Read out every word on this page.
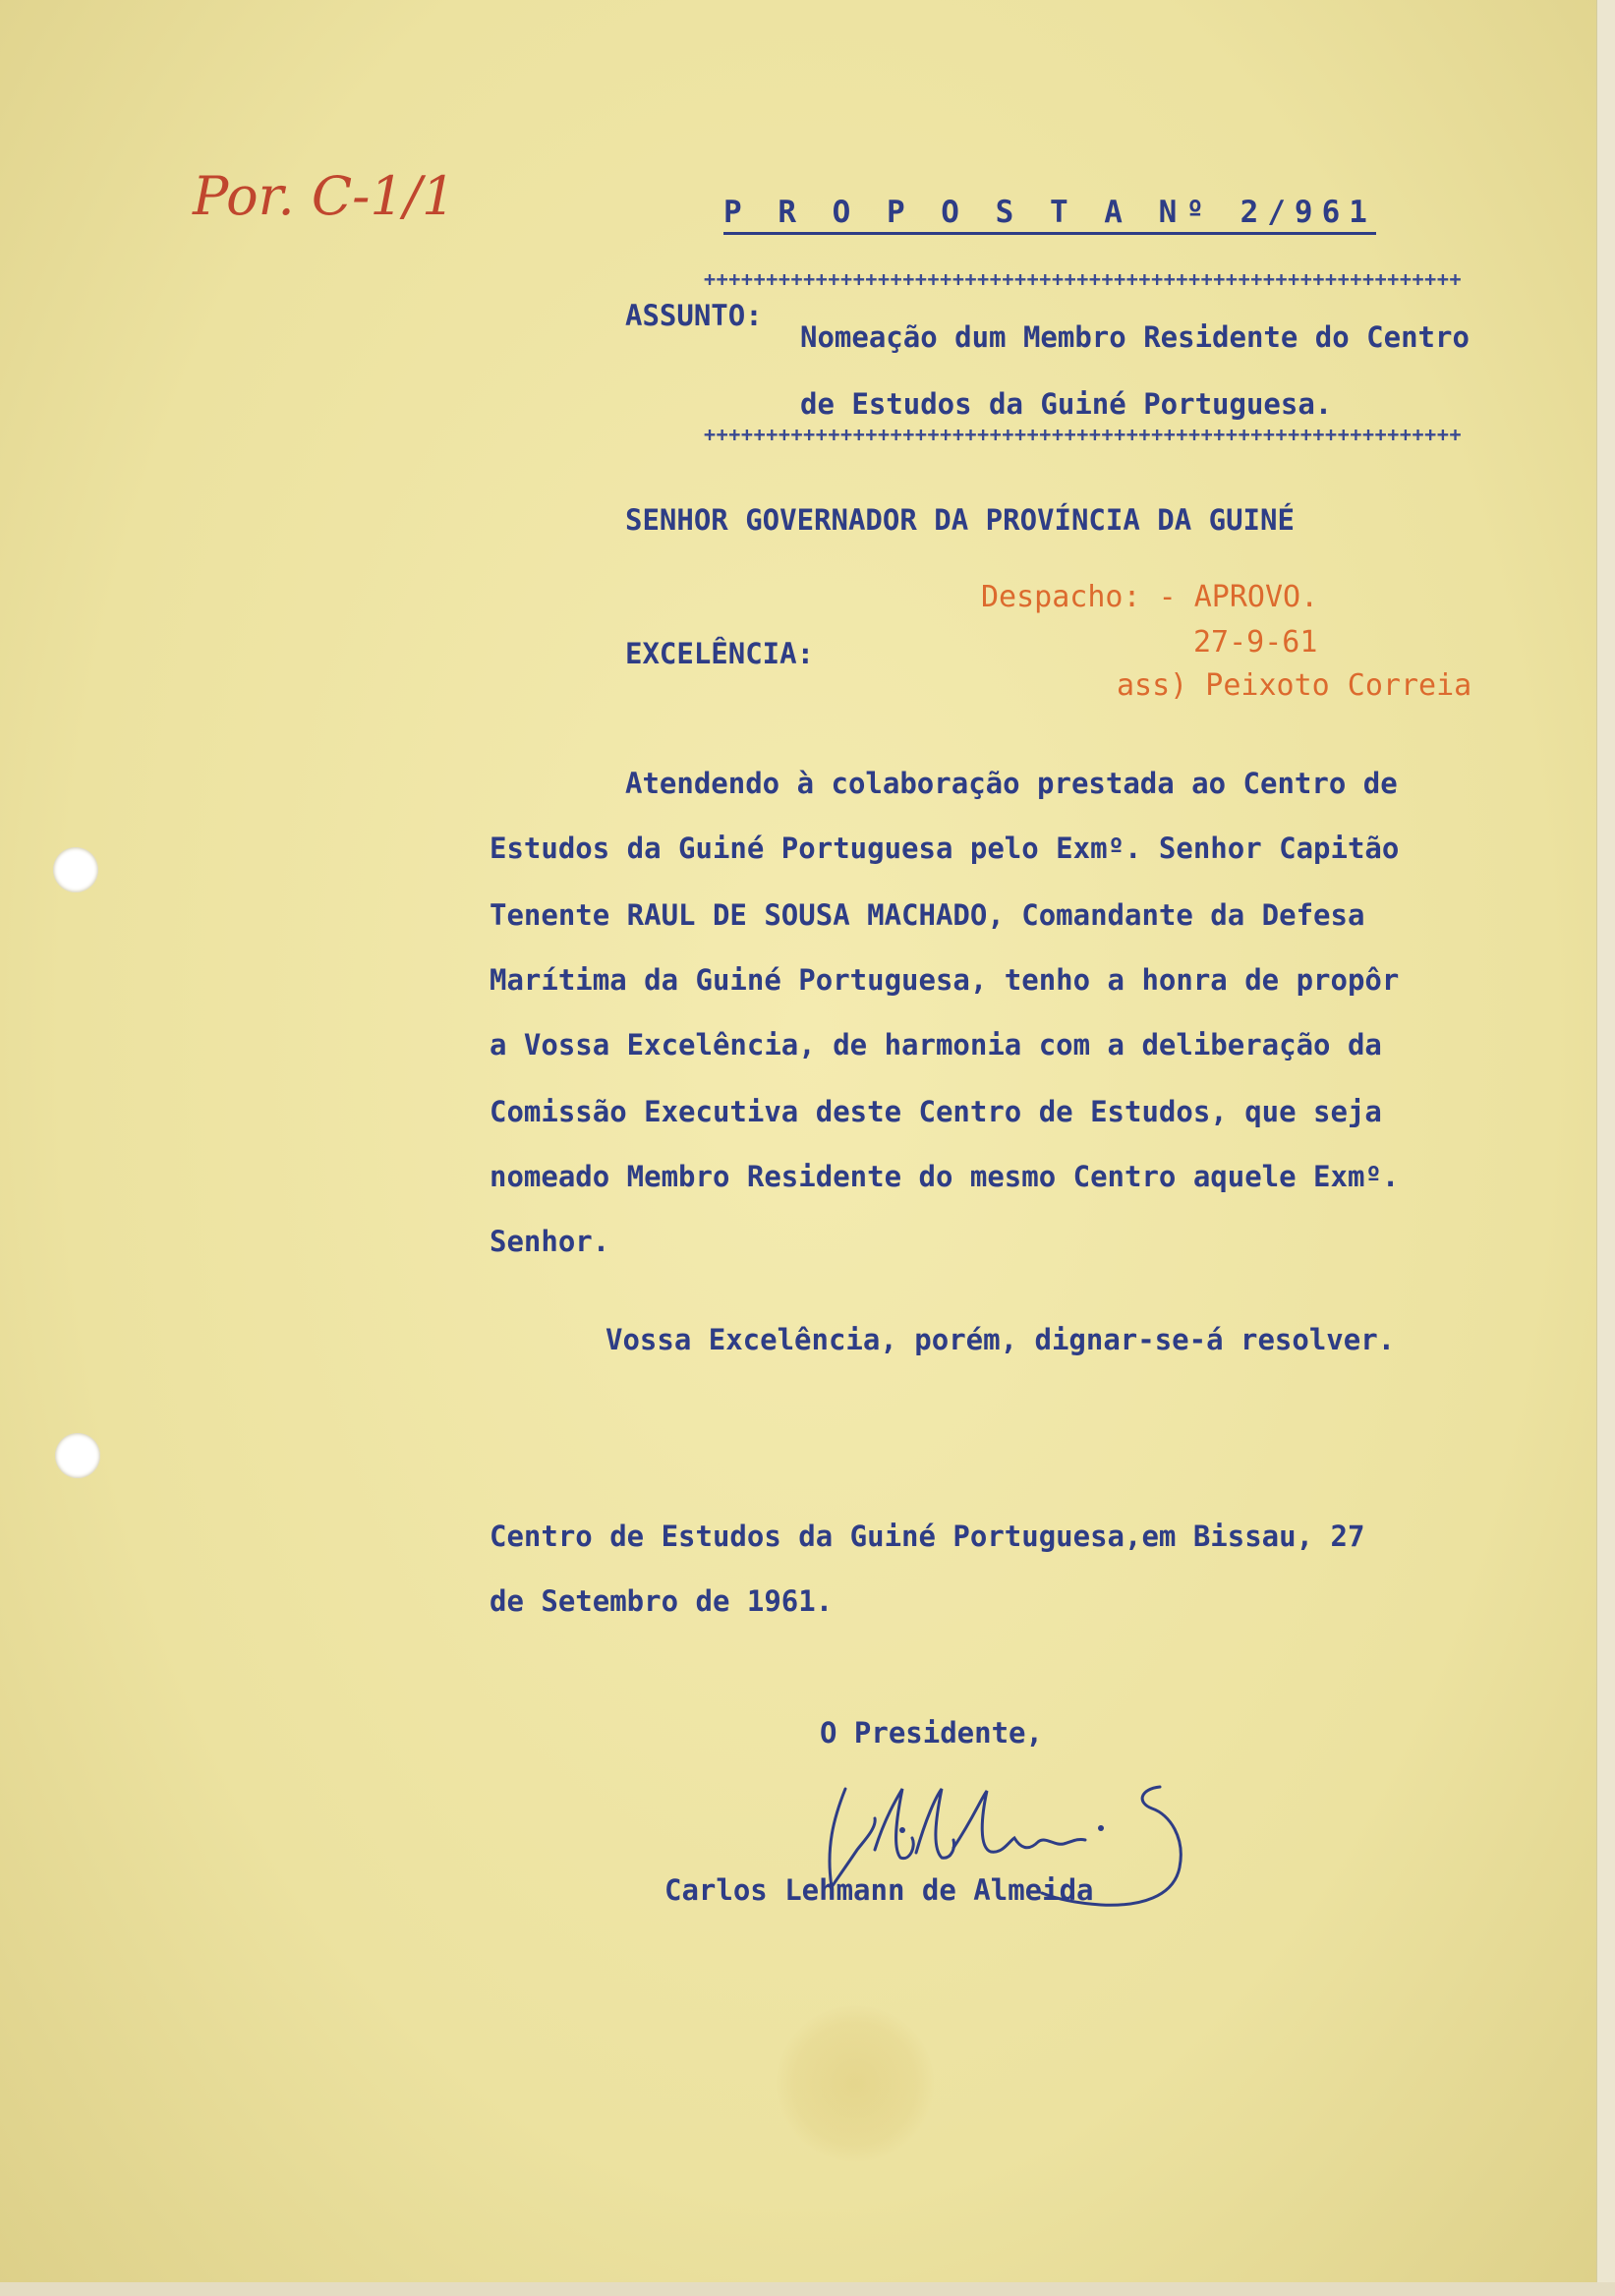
Por. C-1/1	P R O P O S T A Nº 2/961
+++++++++++++++++++++++++++++++++++++++++++++++++++++++++++++
ASSUNTO:
Nomeação dum Membro Residente do Centro
de Estudos da Guiné Portuguesa.
+++++++++++++++++++++++++++++++++++++++++++++++++++++++++++++
SENHOR GOVERNADOR DA PROVÍNCIA DA GUINÉ
Despacho: - APROVO.
EXCELÊNCIA:	27-9-61
ass) Peixoto Correia
Atendendo à colaboração prestada ao Centro de
Estudos da Guiné Portuguesa pelo Exmº. Senhor Capitão
Tenente RAUL DE SOUSA MACHADO, Comandante da Defesa
Marítima da Guiné Portuguesa, tenho a honra de propôr
a Vossa Excelência, de harmonia com a deliberação da
Comissão Executiva deste Centro de Estudos, que seja
nomeado Membro Residente do mesmo Centro aquele Exmº.
Senhor.
Vossa Excelência, porém, dignar-se-á resolver.
Centro de Estudos da Guiné Portuguesa,em Bissau, 27
de Setembro de 1961.
O Presidente,
Carlos Lehmann de Almeida
